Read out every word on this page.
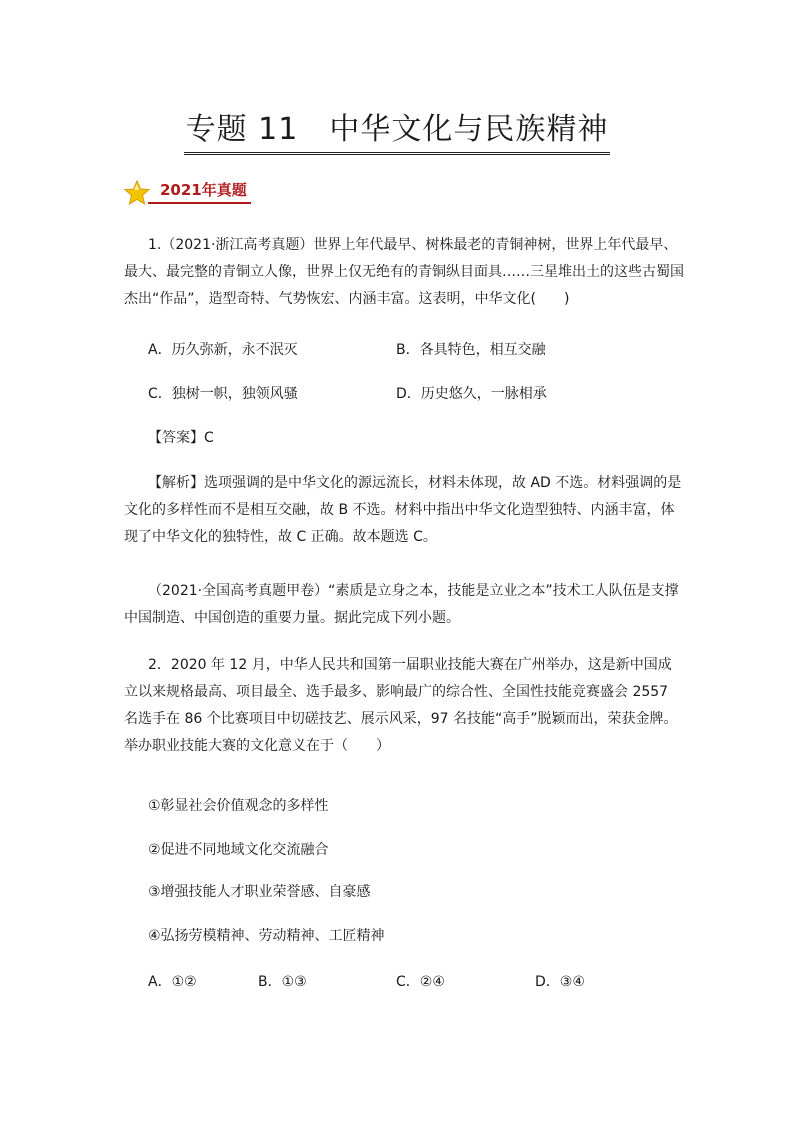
专题 11　中华文化与民族精神
2021年真题

1.（2021·浙江高考真题）世界上年代最早、树株最老的青铜神树，世界上年代最早、最大、最完整的青铜立人像，世界上仅无绝有的青铜纵目面具……三星堆出土的这些古蜀国杰出“作品”，造型奇特、气势恢宏、内涵丰富。这表明，中华文化(　　)

A．历久弥新，永不泯灭	B．各具特色，相互交融
C．独树一帜，独领风骚	D．历史悠久，一脉相承
【答案】C

【解析】选项强调的是中华文化的源远流长，材料未体现，故 AD 不选。材料强调的是文化的多样性而不是相互交融，故 B 不选。材料中指出中华文化造型独特、内涵丰富，体现了中华文化的独特性，故 C 正确。故本题选 C。

（2021·全国高考真题甲卷）“素质是立身之本，技能是立业之本”技术工人队伍是支撑中国制造、中国创造的重要力量。据此完成下列小题。

2．2020 年 12 月，中华人民共和国第一届职业技能大赛在广州举办，这是新中国成立以来规格最高、项目最全、选手最多、影响最广的综合性、全国性技能竞赛盛会 2557 名选手在 86 个比赛项目中切磋技艺、展示风采，97 名技能“高手”脱颖而出，荣获金牌。举办职业技能大赛的文化意义在于（　　）

①彰显社会价值观念的多样性
②促进不同地域文化交流融合
③增强技能人才职业荣誉感、自豪感
④弘扬劳模精神、劳动精神、工匠精神
A．①②	B．①③	C．②④	D．③④
